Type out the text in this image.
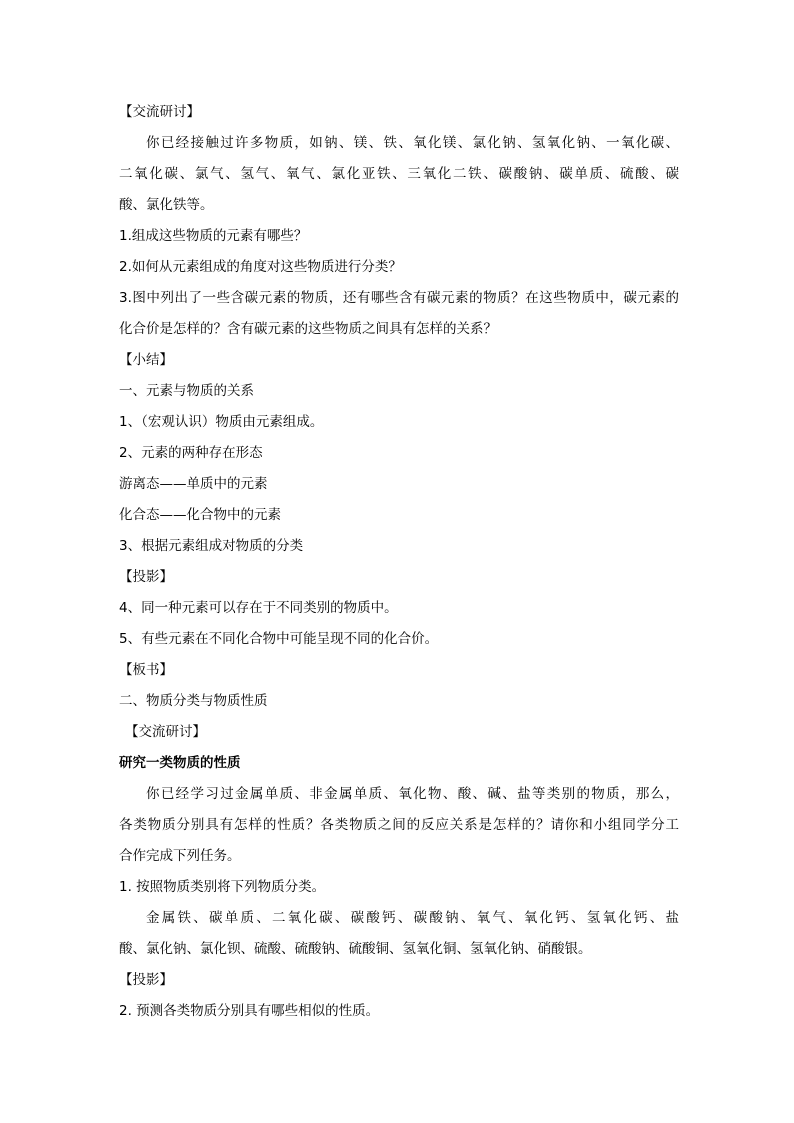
【交流研讨】
你已经接触过许多物质，如钠、镁、铁、氧化镁、氯化钠、氢氧化钠、一氧化碳、
二氧化碳、氯气、氢气、氧气、氯化亚铁、三氧化二铁、碳酸钠、碳单质、硫酸、碳
酸、氯化铁等。
1.组成这些物质的元素有哪些？
2.如何从元素组成的角度对这些物质进行分类？
3.图中列出了一些含碳元素的物质，还有哪些含有碳元素的物质？在这些物质中，碳元素的
化合价是怎样的？含有碳元素的这些物质之间具有怎样的关系？
【小结】
一、元素与物质的关系
1、（宏观认识）物质由元素组成。
2、元素的两种存在形态
游离态——单质中的元素
化合态——化合物中的元素
3、根据元素组成对物质的分类
【投影】
4、同一种元素可以存在于不同类别的物质中。
5、有些元素在不同化合物中可能呈现不同的化合价。
【板书】
二、物质分类与物质性质
【交流研讨】
研究一类物质的性质
你已经学习过金属单质、非金属单质、氧化物、酸、碱、盐等类别的物质，那么，
各类物质分别具有怎样的性质？各类物质之间的反应关系是怎样的？请你和小组同学分工
合作完成下列任务。
1. 按照物质类别将下列物质分类。
金属铁、碳单质、二氧化碳、碳酸钙、碳酸钠、氧气、氧化钙、氢氧化钙、盐
酸、氯化钠、氯化钡、硫酸、硫酸钠、硫酸铜、氢氧化铜、氢氧化钠、硝酸银。
【投影】
2. 预测各类物质分别具有哪些相似的性质。
